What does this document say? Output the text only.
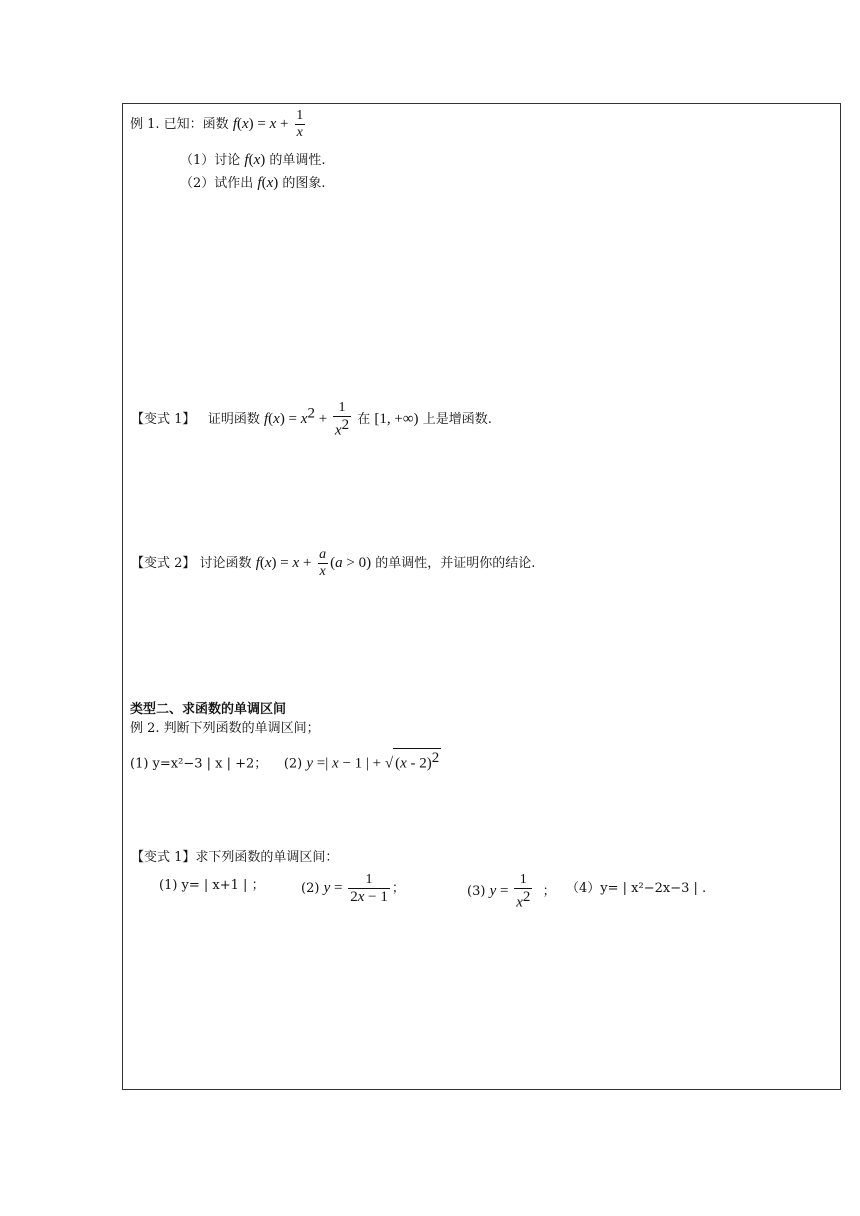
例 1. 已知：函数 $f(x) = x + \frac{1}{x}$
（1）讨论 f(x) 的单调性.
（2）试作出 f(x) 的图象.
【变式 1】 证明函数 $f(x) = x^2 + \frac{1}{x^2}$ 在 [1, +∞) 上是增函数.
【变式 2】 讨论函数 $f(x) = x + \frac{a}{x} (a > 0)$ 的单调性，并证明你的结论.
类型二、求函数的单调区间
例 2. 判断下列函数的单调区间；
(1) y=x²−3 | x | +2； (2) y =| x − 1 | + √ (x - 2)$^2$
【变式 1】求下列函数的单调区间：
(1) y= | x+1 | ；	(2) $y = \frac{1}{2x - 1}$ ；	(3) $y = \frac{1}{x^2}$ ； （4）y= | x²−2x−3 | .
